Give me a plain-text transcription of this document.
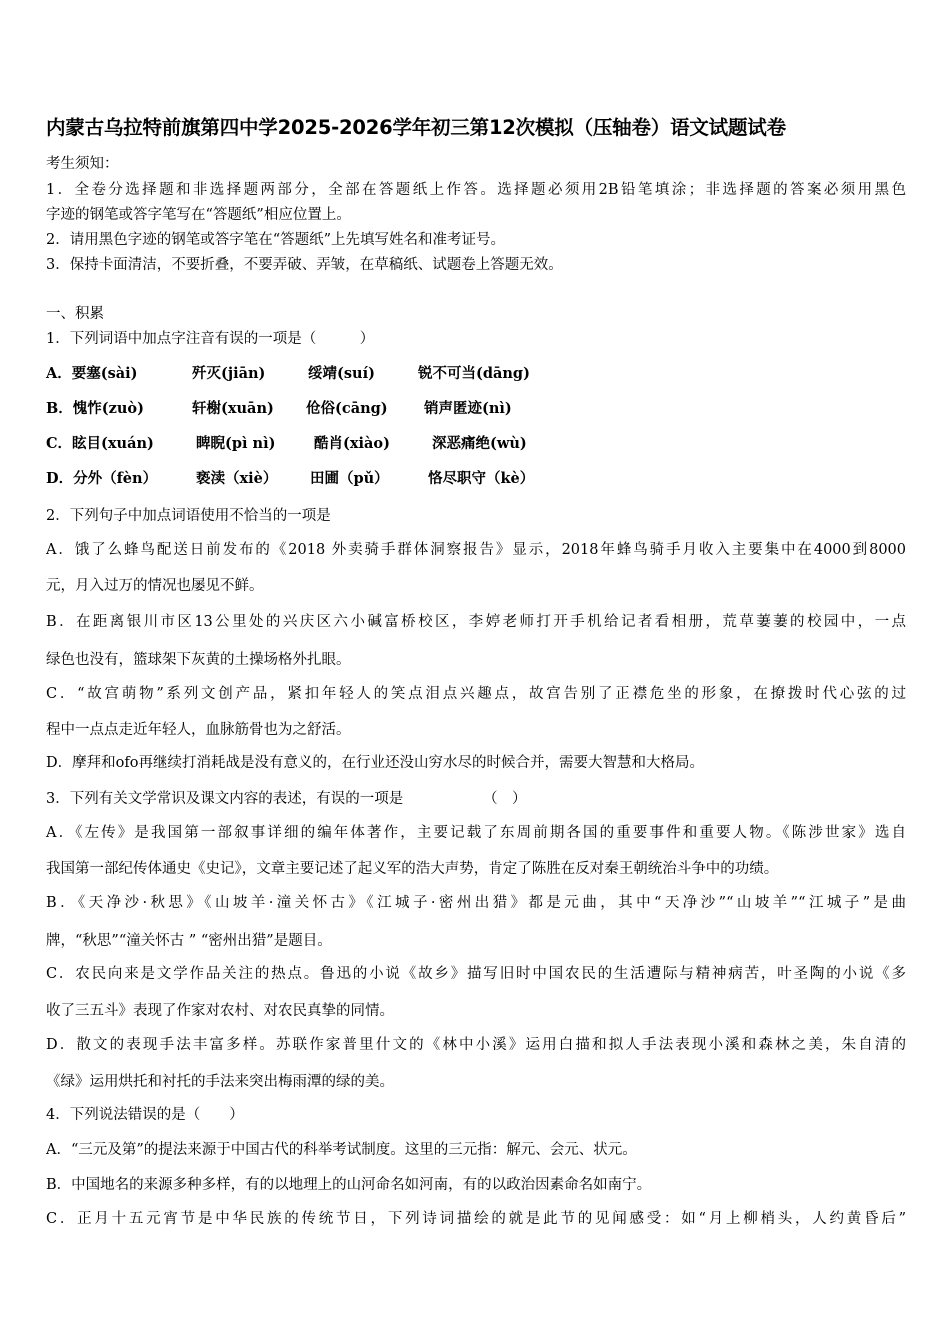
内蒙古乌拉特前旗第四中学2025-2026学年初三第12次模拟（压轴卷）语文试题试卷
考生须知：
1．全卷分选择题和非选择题两部分，全部在答题纸上作答。选择题必须用2B铅笔填涂；非选择题的答案必须用黑色
字迹的钢笔或答字笔写在“答题纸”相应位置上。
2．请用黑色字迹的钢笔或答字笔在“答题纸”上先填写姓名和准考证号。
3．保持卡面清洁，不要折叠，不要弄破、弄皱，在草稿纸、试题卷上答题无效。
一、积累
1．下列词语中加点字注音有误的一项是（　　　）
A．要塞(sài)	歼灭(jiān)	绥靖(suí)	锐不可当(dāng)
B．愧怍(zuò)	轩榭(xuān) 伧俗(cāng)	销声匿迹(nì)
C．眩目(xuán)	睥睨(pì nì)	酷肖(xiào)	深恶痛绝(wù)
D．分外（fèn）	亵渎（xiè） 田圃（pǔ）	恪尽职守（kè）
2．下列句子中加点词语使用不恰当的一项是
A．饿了么蜂鸟配送日前发布的《2018 外卖骑手群体洞察报告》显示，2018年蜂鸟骑手月收入主要集中在4000到8000
元，月入过万的情况也屡见不鲜。
B．在距离银川市区13公里处的兴庆区六小碱富桥校区，李婷老师打开手机给记者看相册，荒草萋萋的校园中，一点
绿色也没有，篮球架下灰黄的土操场格外扎眼。
C．“故宫萌物”系列文创产品，紧扣年轻人的笑点泪点兴趣点，故宫告别了正襟危坐的形象，在撩拨时代心弦的过
程中一点点走近年轻人，血脉筋骨也为之舒活。
D．摩拜和ofo再继续打消耗战是没有意义的，在行业还没山穷水尽的时候合并，需要大智慧和大格局。
3．下列有关文学常识及课文内容的表述，有误的一项是　　　　　　（　）
A．《左传》是我国第一部叙事详细的编年体著作，主要记载了东周前期各国的重要事件和重要人物。《陈涉世家》选自
我国第一部纪传体通史《史记》，文章主要记述了起义军的浩大声势，肯定了陈胜在反对秦王朝统治斗争中的功绩。
B．《天净沙·秋思》《山坡羊·潼关怀古》《江城子·密州出猎》都是元曲，其中“天净沙”“山坡羊”“江城子”是曲
牌，“秋思”“潼关怀古 ” “密州出猎”是题目。
C．农民向来是文学作品关注的热点。鲁迅的小说《故乡》描写旧时中国农民的生活遭际与精神病苦，叶圣陶的小说《多
收了三五斗》表现了作家对农村、对农民真挚的同情。
D．散文的表现手法丰富多样。苏联作家普里什文的《林中小溪》运用白描和拟人手法表现小溪和森林之美，朱自清的
《绿》运用烘托和衬托的手法来突出梅雨潭的绿的美。
4．下列说法错误的是（　　）
A．“三元及第”的提法来源于中国古代的科举考试制度。这里的三元指：解元、会元、状元。
B．中国地名的来源多种多样，有的以地理上的山河命名如河南，有的以政治因素命名如南宁。
C．正月十五元宵节是中华民族的传统节日，下列诗词描绘的就是此节的见闻感受：如“月上柳梢头，人约黄昏后”
